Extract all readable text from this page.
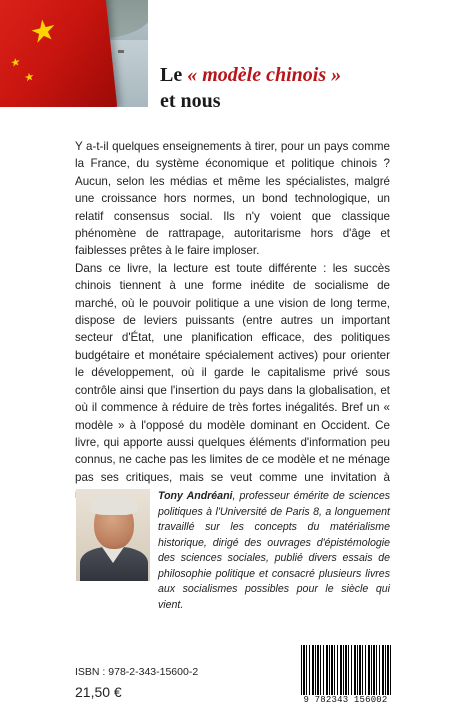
★
★
★	Le « modèle chinois »
et nous

Y a-t-il quelques enseignements à tirer, pour un pays comme la France, du système économique et politique chinois ? Aucun, selon les médias et même les spécialistes, malgré une croissance hors normes, un bond technologique, un relatif consensus social. Ils n'y voient que classique phénomène de rattrapage, autoritarisme hors d'âge et faiblesses prêtes à le faire imploser.

Dans ce livre, la lecture est toute différente : les succès chinois tiennent à une forme inédite de socialisme de marché, où le pouvoir politique a une vision de long terme, dispose de leviers puissants (entre autres un important secteur d'État, une planification efficace, des politiques budgétaire et monétaire spécialement actives) pour orienter le développement, où il garde le capitalisme privé sous contrôle ainsi que l'insertion du pays dans la globalisation, et où il commence à réduire de très fortes inégalités. Bref un « modèle » à l'opposé du modèle dominant en Occident. Ce livre, qui apporte aussi quelques éléments d'information peu connus, ne cache pas les limites de ce modèle et ne ménage pas ses critiques, mais se veut comme une invitation à

Tony Andréani, professeur émérite de sciences politiques à l'Université de Paris 8, a longuement travaillé sur les concepts du matérialisme historique, dirigé des ouvrages d'épistémologie des sciences sociales, publié divers essais de philosophie politique et consacré plusieurs livres aux socialismes possibles pour le siècle qui vient.
ISBN : 978-2-343-15600-2
21,50 €	9 782343 156002
